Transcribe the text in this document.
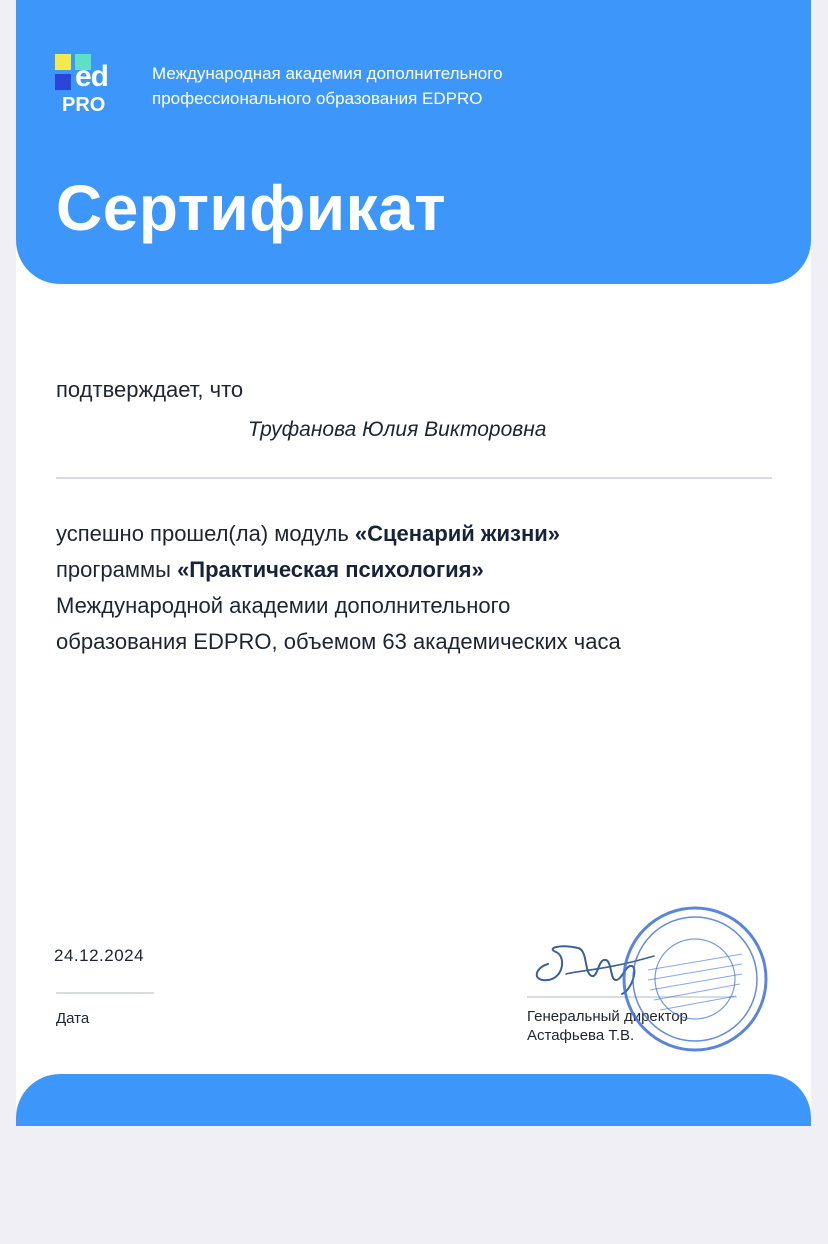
ed
PRO
Международная академия дополнительного
профессионального образования EDPRO
Сертификат
подтверждает, что
Труфанова Юлия Викторовна
успешно прошел(ла) модуль «Сценарий жизни»
программы «Практическая психология»
Международной академии дополнительного
образования EDPRO, объемом 63 академических часа
24.12.2024
Дата	Генеральный директор
Астафьева Т.В.
